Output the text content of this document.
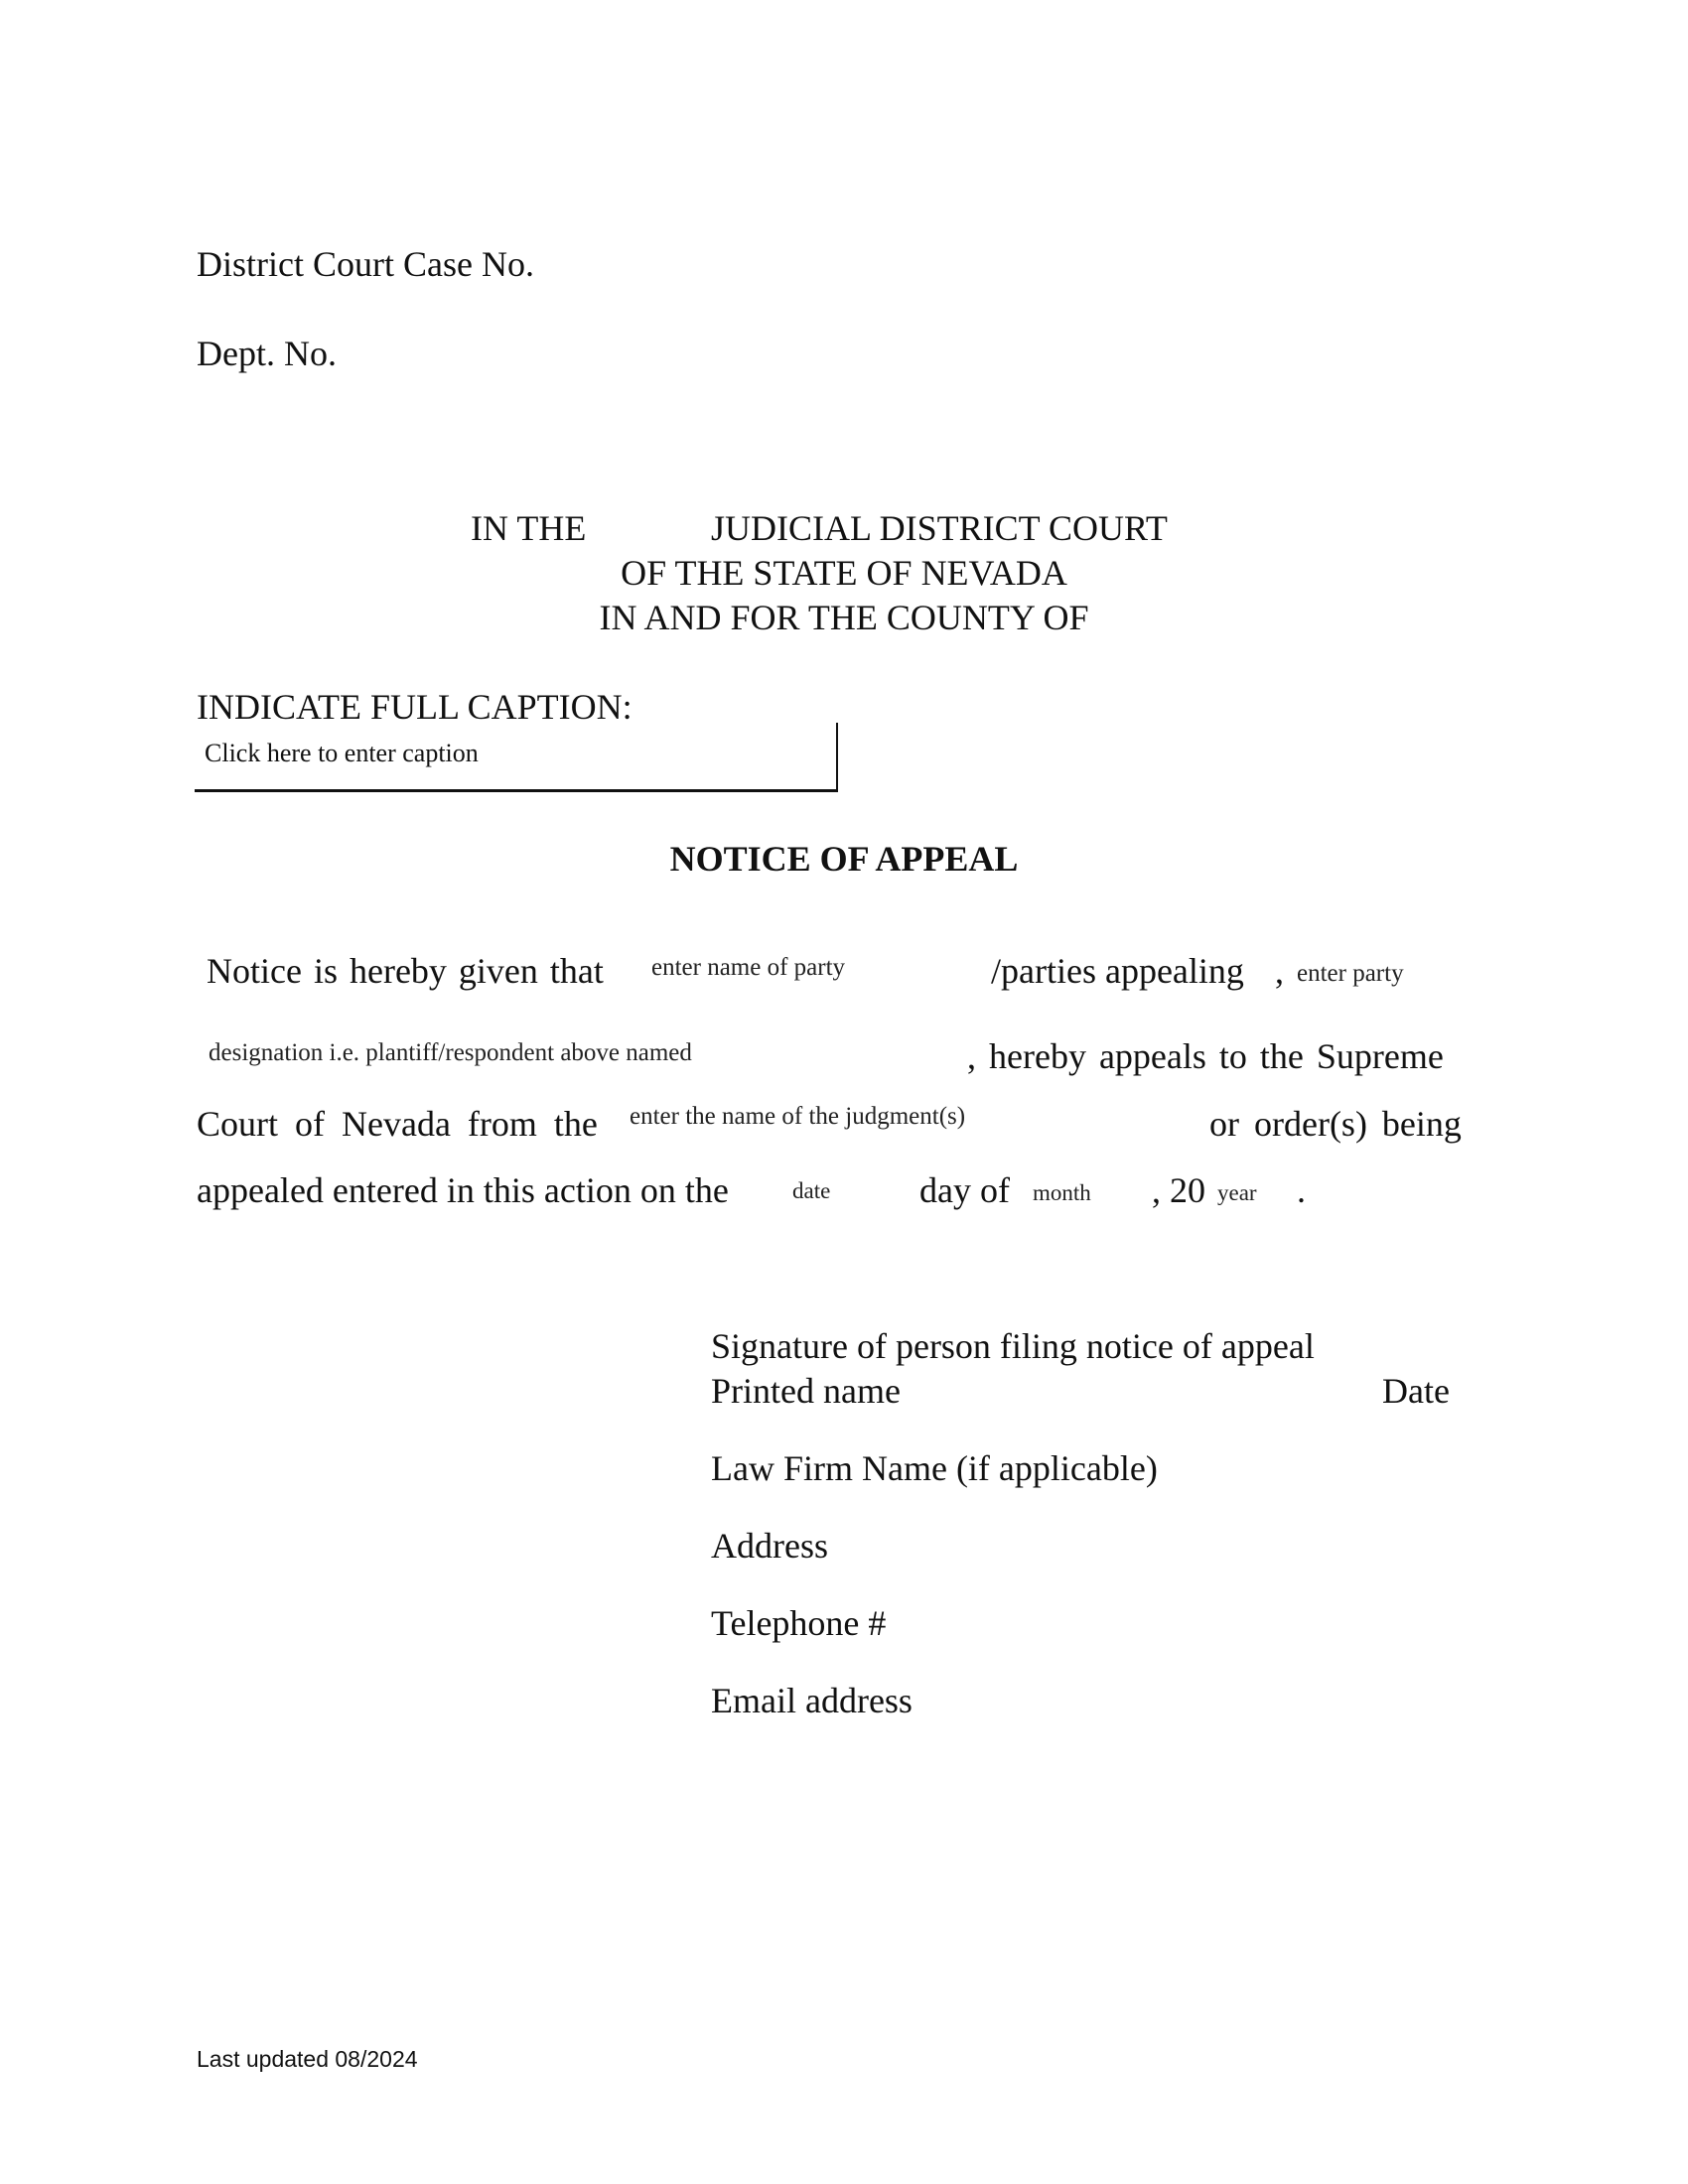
District Court Case No.
Dept. No.
IN THE	JUDICIAL DISTRICT COURT
OF THE STATE OF NEVADA
IN AND FOR THE COUNTY OF
INDICATE FULL CAPTION:
Click here to enter caption
NOTICE OF APPEAL
Notice is hereby given that enter name of party	/parties appealing , enter party
designation i.e. plantiff/respondent above named	, hereby appeals to the Supreme
Court of Nevada from the enter the name of the judgment(s)	or order(s) being
appealed entered in this action on the	date day of month , 20 year .
Signature of person filing notice of appeal
Printed name	Date
Law Firm Name (if applicable)
Address
Telephone #
Email address
Last updated 08/2024
